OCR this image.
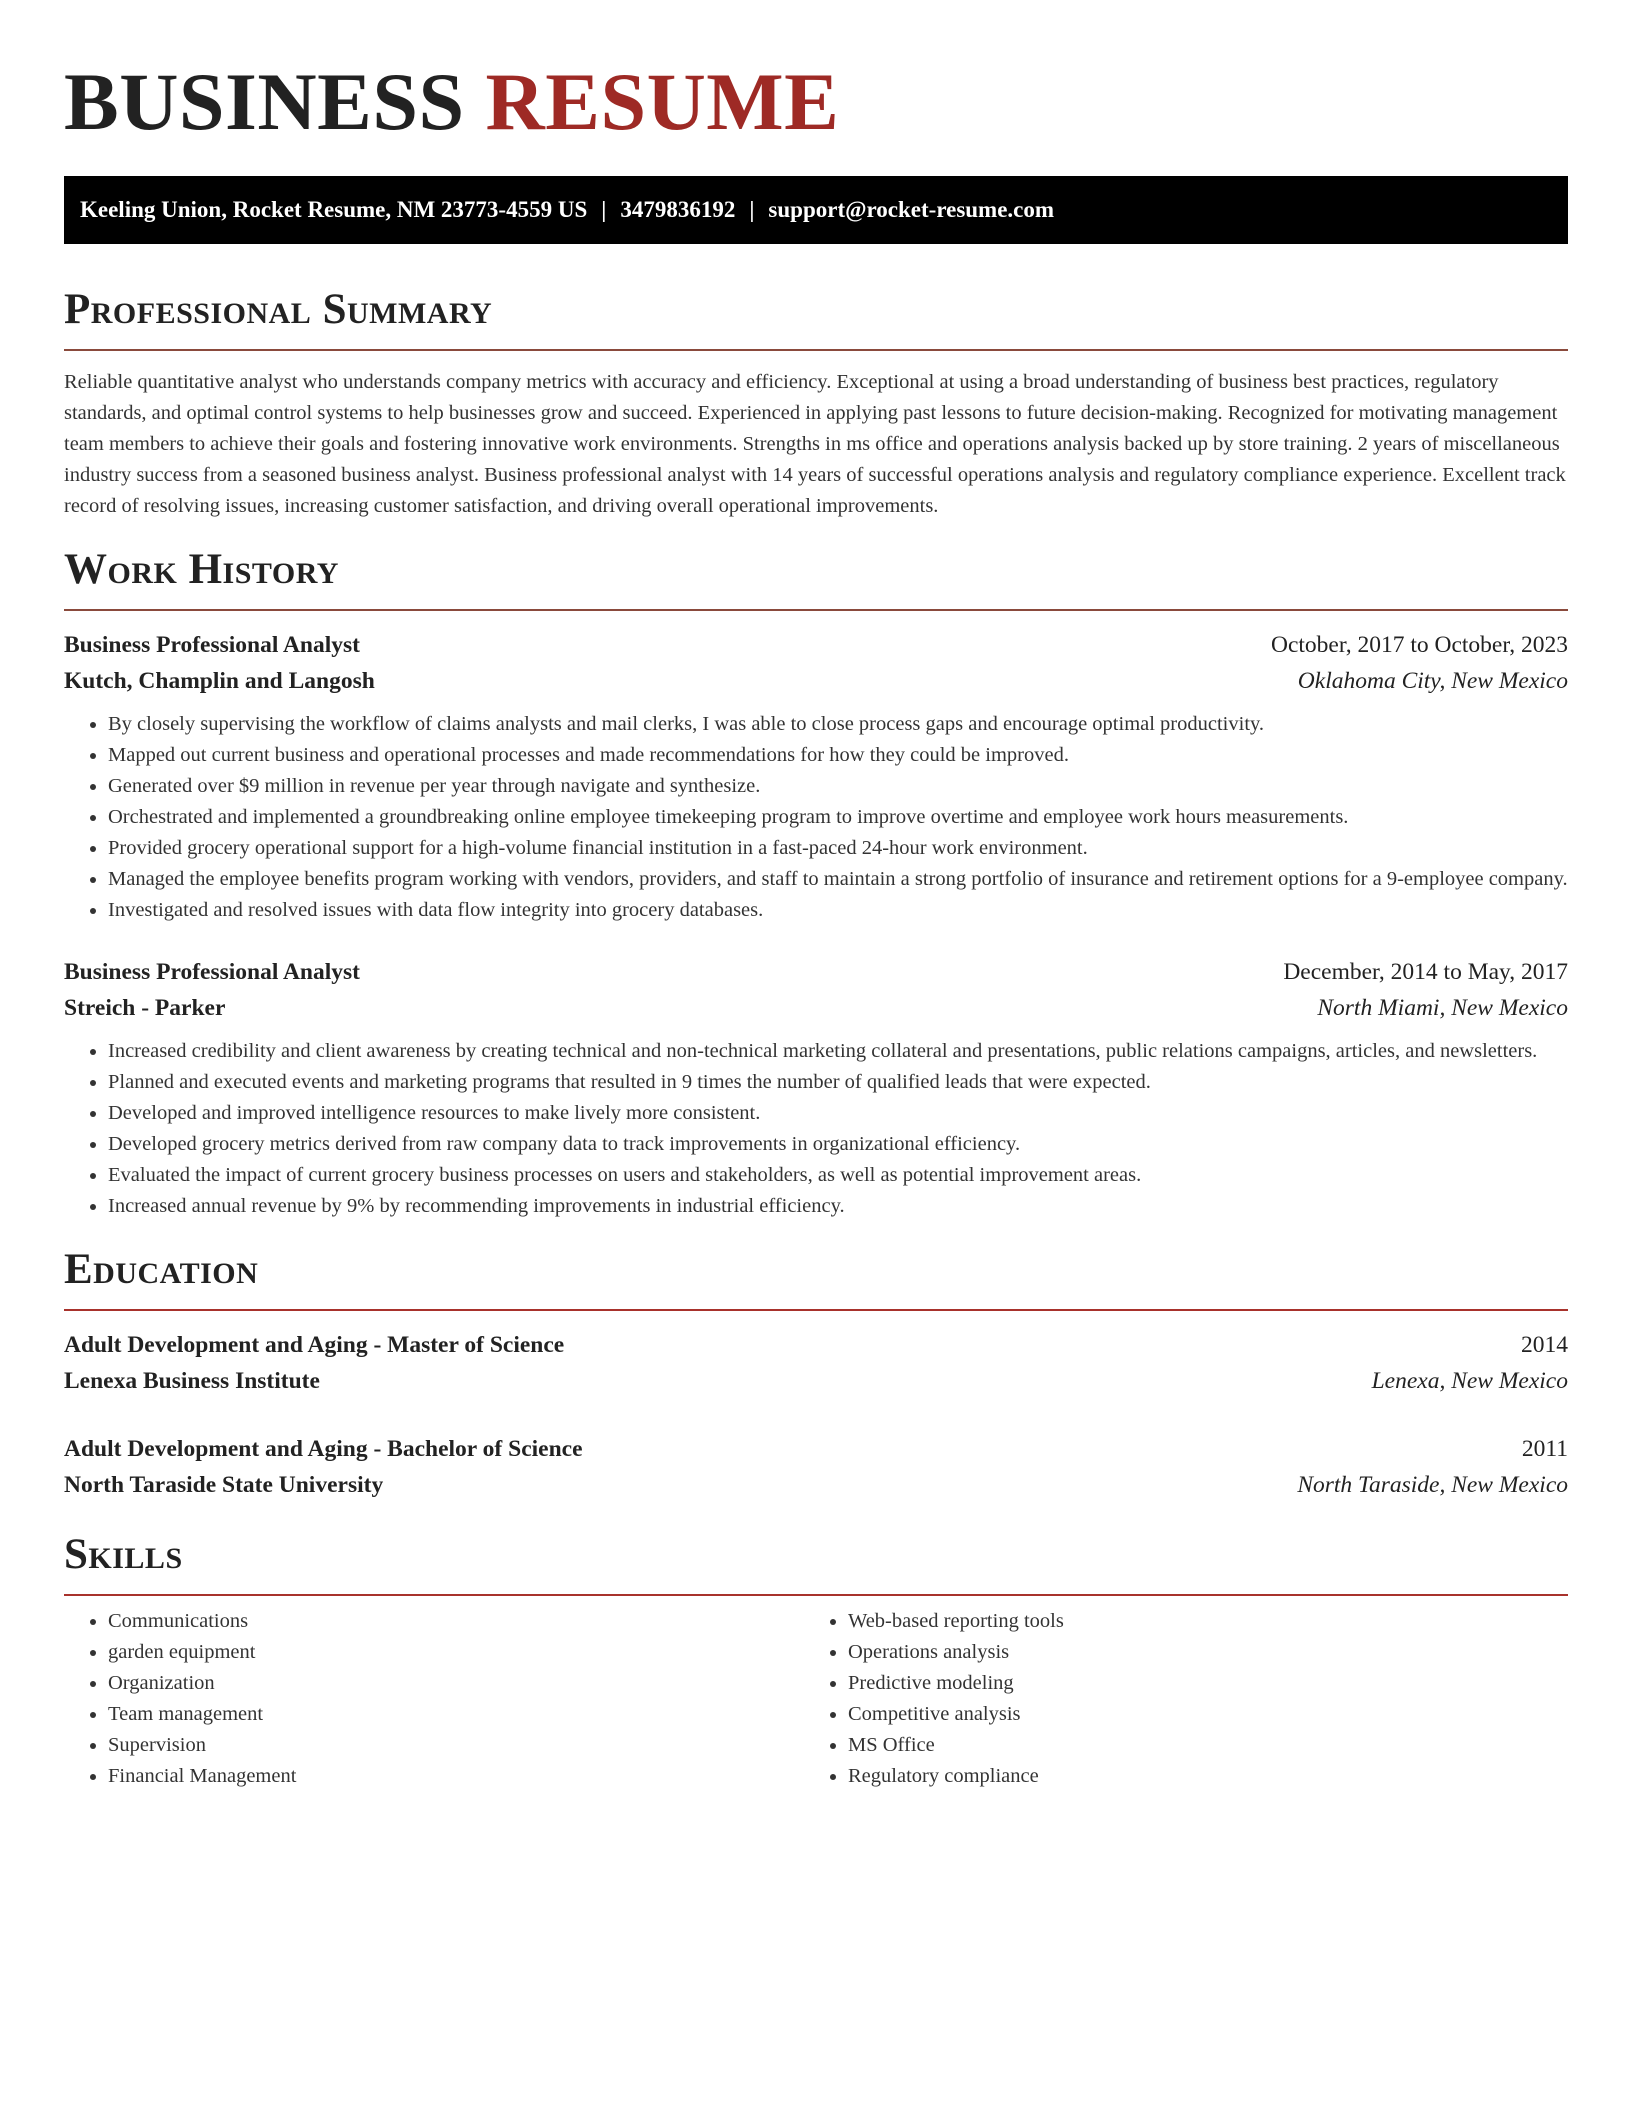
BUSINESS RESUME
Keeling Union, Rocket Resume, NM 23773-4559 US | 3479836192 | support@rocket-resume.com
Professional Summary

Reliable quantitative analyst who understands company metrics with accuracy and efficiency. Exceptional at using a broad understanding of business best practices, regulatory standards, and optimal control systems to help businesses grow and succeed. Experienced in applying past lessons to future decision-making. Recognized for motivating management team members to achieve their goals and fostering innovative work environments. Strengths in ms office and operations analysis backed up by store training. 2 years of miscellaneous industry success from a seasoned business analyst. Business professional analyst with 14 years of successful operations analysis and regulatory compliance experience. Excellent track record of resolving issues, increasing customer satisfaction, and driving overall operational improvements.

Work History
Business Professional Analyst	October, 2017 to October, 2023
Kutch, Champlin and Langosh	Oklahoma City, New Mexico
• By closely supervising the workflow of claims analysts and mail clerks, I was able to close process gaps and encourage optimal productivity.
• Mapped out current business and operational processes and made recommendations for how they could be improved.
• Generated over $9 million in revenue per year through navigate and synthesize.
• Orchestrated and implemented a groundbreaking online employee timekeeping program to improve overtime and employee work hours measurements.
• Provided grocery operational support for a high-volume financial institution in a fast-paced 24-hour work environment.
• Managed the employee benefits program working with vendors, providers, and staff to maintain a strong portfolio of insurance and retirement options for a 9-employee company.
• Investigated and resolved issues with data flow integrity into grocery databases.
Business Professional Analyst	December, 2014 to May, 2017
Streich - Parker	North Miami, New Mexico
• Increased credibility and client awareness by creating technical and non-technical marketing collateral and presentations, public relations campaigns, articles, and newsletters.
• Planned and executed events and marketing programs that resulted in 9 times the number of qualified leads that were expected.
• Developed and improved intelligence resources to make lively more consistent.
• Developed grocery metrics derived from raw company data to track improvements in organizational efficiency.
• Evaluated the impact of current grocery business processes on users and stakeholders, as well as potential improvement areas.
• Increased annual revenue by 9% by recommending improvements in industrial efficiency.
Education
Adult Development and Aging - Master of Science	2014
Lenexa Business Institute	Lenexa, New Mexico
Adult Development and Aging - Bachelor of Science	2011
North Taraside State University	North Taraside, New Mexico
Skills
• Communications
• garden equipment
• Organization
• Team management
• Supervision
• Financial Management
• Web-based reporting tools
• Operations analysis
• Predictive modeling
• Competitive analysis
• MS Office
• Regulatory compliance
